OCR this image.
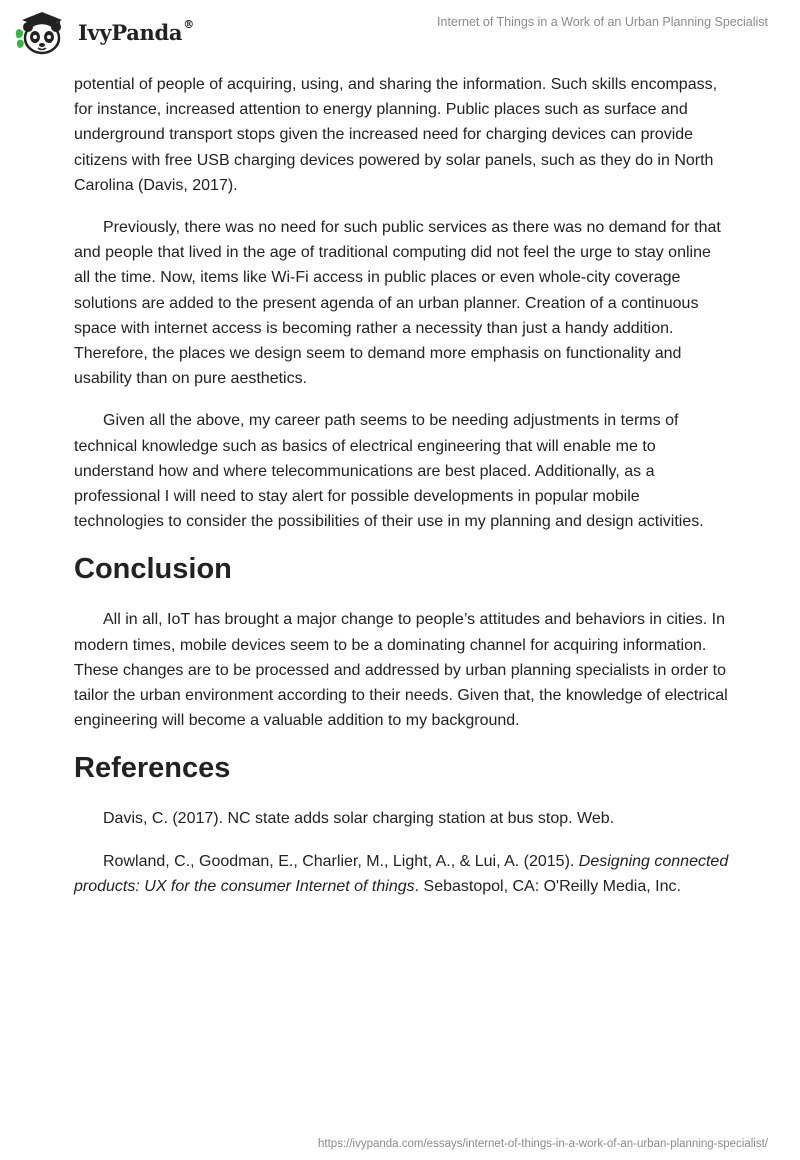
IvyPanda®	Internet of Things in a Work of an Urban Planning Specialist

potential of people of acquiring, using, and sharing the information. Such skills encompass, for instance, increased attention to energy planning. Public places such as surface and underground transport stops given the increased need for charging devices can provide citizens with free USB charging devices powered by solar panels, such as they do in North Carolina (Davis, 2017).

Previously, there was no need for such public services as there was no demand for that and people that lived in the age of traditional computing did not feel the urge to stay online all the time. Now, items like Wi-Fi access in public places or even whole-city coverage solutions are added to the present agenda of an urban planner. Creation of a continuous space with internet access is becoming rather a necessity than just a handy addition. Therefore, the places we design seem to demand more emphasis on functionality and usability than on pure aesthetics.

Given all the above, my career path seems to be needing adjustments in terms of technical knowledge such as basics of electrical engineering that will enable me to understand how and where telecommunications are best placed. Additionally, as a professional I will need to stay alert for possible developments in popular mobile technologies to consider the possibilities of their use in my planning and design activities.

Conclusion

All in all, IoT has brought a major change to people’s attitudes and behaviors in cities. In modern times, mobile devices seem to be a dominating channel for acquiring information. These changes are to be processed and addressed by urban planning specialists in order to tailor the urban environment according to their needs. Given that, the knowledge of electrical engineering will become a valuable addition to my background.

References

Davis, C. (2017). NC state adds solar charging station at bus stop. Web.

Rowland, C., Goodman, E., Charlier, M., Light, A., & Lui, A. (2015). Designing connected products: UX for the consumer Internet of things. Sebastopol, CA: O'Reilly Media, Inc.

https://ivypanda.com/essays/internet-of-things-in-a-work-of-an-urban-planning-specialist/
